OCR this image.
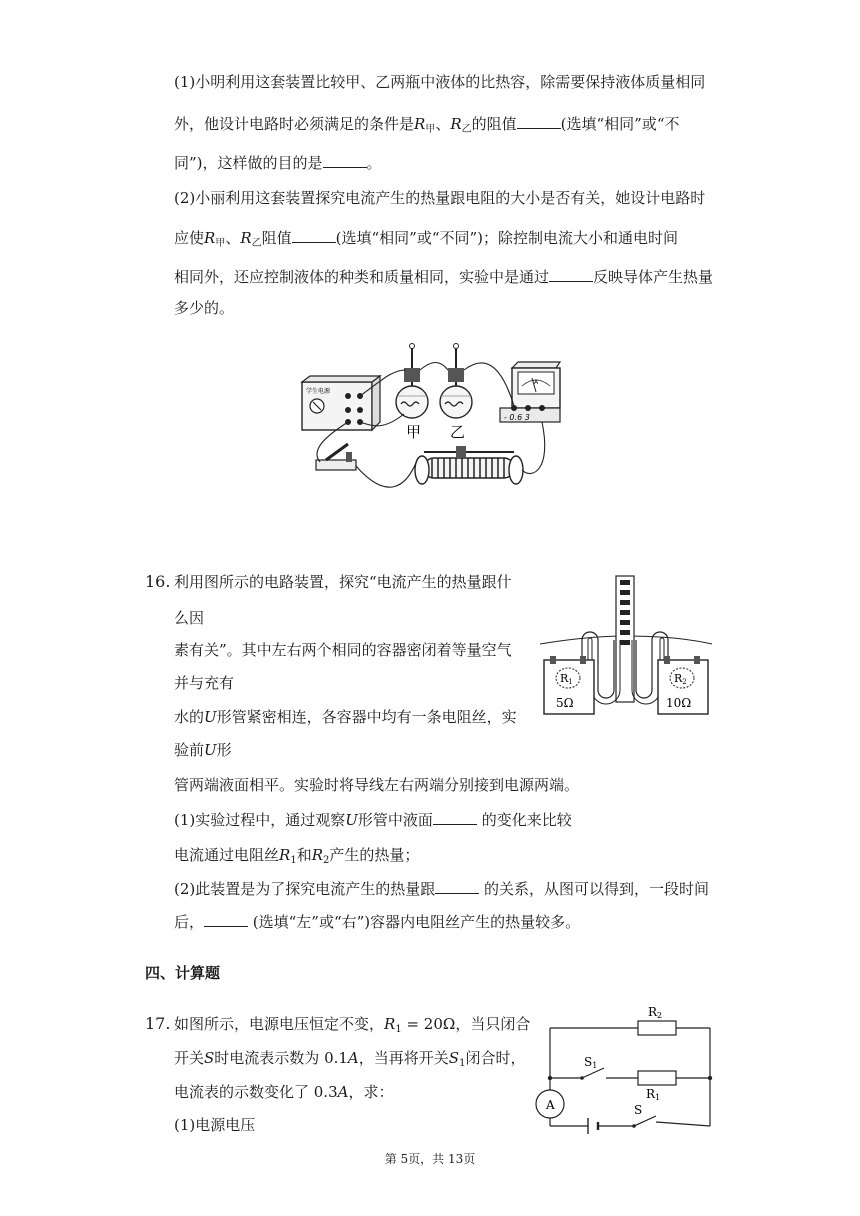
(1)小明利用这套装置比较甲、乙两瓶中液体的比热容，除需要保持液体质量相同
外，他设计电路时必须满足的条件是$R_甲$、$R_乙$的阻值	(选填“相同”或“不
同”)，这样做的目的是	。
(2)小丽利用这套装置探究电流产生的热量跟电阻的大小是否有关，她设计电路时
应使$R_甲$、$R_乙$阻值	(选填“相同”或“不同”)；除控制电流大小和通电时间
相同外，还应控制液体的种类和质量相同，实验中是通过	反映导体产生热量
多少的。
学生电源
甲 乙
A
- 0.6 3
16. 利用图所示的电路装置，探究“电流产生的热量跟什
么因
素有关”。其中左右两个相同的容器密闭着等量空气
并与充有
水的U形管紧密相连，各容器中均有一条电阻丝，实
验前U形
管两端液面相平。实验时将导线左右两端分别接到电源两端。
(1)实验过程中，通过观察U形管中液面	的变化来比较
电流通过电阻丝$R_1$和$R_2$产生的热量；
(2)此装置是为了探究电流产生的热量跟	的关系，从图可以得到，一段时间
后，	(选填“左”或“右”)容器内电阻丝产生的热量较多。
R1
5Ω
R2
10Ω
四、计算题
17. 如图所示，电源电压恒定不变，$R_1 = 20\Omega$，当只闭合
开关S时电流表示数为 0.1A，当再将开关$S_1$闭合时，
电流表的示数变化了 0.3A，求：
(1)电源电压
A
R2
R1
S1
S
第 5页，共 13页
